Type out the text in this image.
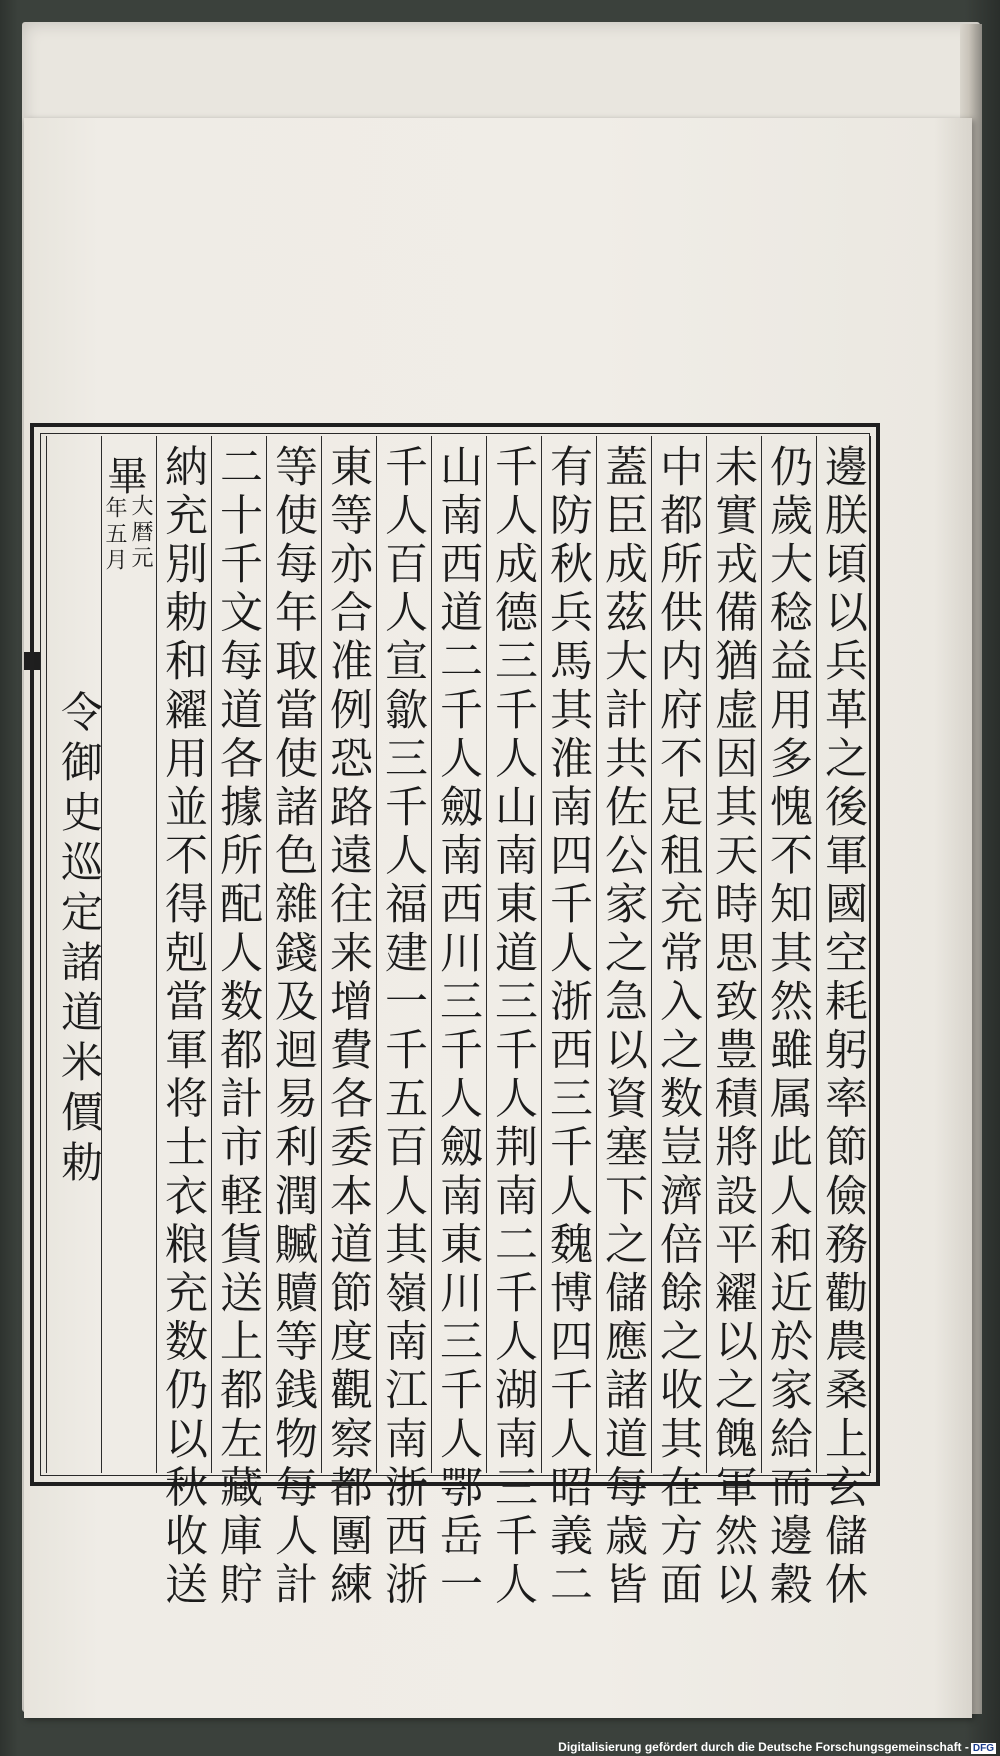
邊朕頃以兵革之後軍國空耗躬率節儉務勸農桑上玄儲休
仍歲大稔益用多愧不知其然雖属此人和近於家給而邊穀
未實戎備猶虚因其天時思致豊積將設平糴以之餽軍然以
中都所供内府不足租充常入之数豈濟倍餘之收其在方面
蓋臣成茲大計共佐公家之急以資塞下之儲應諸道每歳皆
有防秋兵馬其淮南四千人浙西三千人魏博四千人昭義二
千人成德三千人山南東道三千人荆南二千人湖南三千人
山南西道二千人劔南西川三千人劔南東川三千人鄂岳一
千人百人宣歙三千人福建一千五百人其嶺南江南浙西浙
東等亦合准例恐路遠往来增費各委本道節度觀察都團練
等使每年取當使諸色雜錢及迴易利潤贓贖等銭物每人計
二十千文每道各據所配人数都計市軽貨送上都左藏庫貯
納充別勅和糴用並不得剋當軍将士衣粮充数仍以秋收送
畢
大暦元
年五月
令御史巡定諸道米價勅
Digitalisierung gefördert durch die Deutsche Forschungsgemeinschaft - DFG
